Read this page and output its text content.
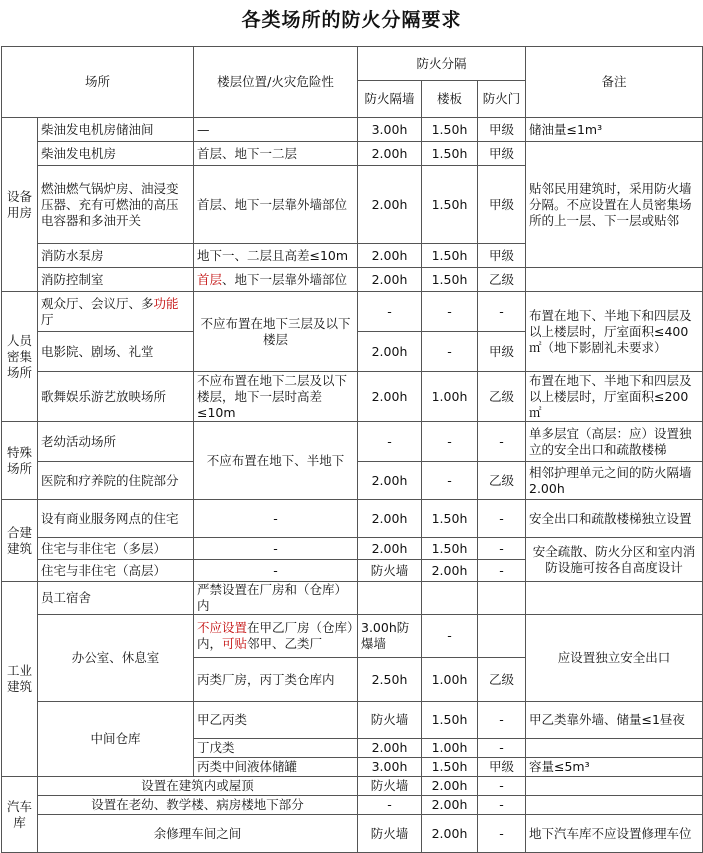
各类场所的防火分隔要求
场所		楼层位置/火灾危险性	防火分隔			备注
			防火隔墙	楼板	防火门	
设备用房	柴油发电机房储油间	—	3.00h	1.50h	甲级	储油量≤1m³
	柴油发电机房	首层、地下一二层	2.00h	1.50h	甲级	贴邻民用建筑时，采用防火墙分隔。不应设置在人员密集场所的上一层、下一层或贴邻
	燃油燃气锅炉房、油浸变压器、充有可燃油的高压电容器和多油开关	首层、地下一层靠外墙部位	2.00h	1.50h	甲级	
	消防水泵房	地下一、二层且高差≤10m	2.00h	1.50h	甲级	
	消防控制室	首层、地下一层靠外墙部位	2.00h	1.50h	乙级	
人员密集场所	观众厅、会议厅、多功能厅	不应布置在地下三层及以下楼层	-	-	-	布置在地下、半地下和四层及以上楼层时，厅室面积≤400㎡（地下影剧礼未要求）
	电影院、剧场、礼堂		2.00h	-	甲级	
	歌舞娱乐游艺放映场所	不应布置在地下二层及以下楼层，地下一层时高差≤10m	2.00h	1.00h	乙级	布置在地下、半地下和四层及以上楼层时，厅室面积≤200㎡
特殊场所	老幼活动场所	不应布置在地下、半地下	-	-	-	单多层宜（高层：应）设置独立的安全出口和疏散楼梯
	医院和疗养院的住院部分		2.00h	-	乙级	相邻护理单元之间的防火隔墙2.00h
合建建筑	设有商业服务网点的住宅	-	2.00h	1.50h	-	安全出口和疏散楼梯独立设置
	住宅与非住宅（多层）	-	2.00h	1.50h	-	安全疏散、防火分区和室内消防设施可按各自高度设计
	住宅与非住宅（高层）	-	防火墙	2.00h	-	
工业建筑	员工宿舍	严禁设置在厂房和（仓库）内				
	办公室、休息室	不应设置在甲乙厂房（仓库）内，可贴邻甲、乙类厂	3.00h防爆墙	-		应设置独立安全出口
		丙类厂房，丙丁类仓库内	2.50h	1.00h	乙级	
	中间仓库	甲乙丙类	防火墙	1.50h	-	甲乙类靠外墙、储量≤1昼夜
		丁戊类	2.00h	1.00h	-	
		丙类中间液体储罐	3.00h	1.50h	甲级	容量≤5m³
汽车库	设置在建筑内或屋顶		防火墙	2.00h	-	
	设置在老幼、教学楼、病房楼地下部分		-	2.00h	-	
	余修理车间之间		防火墙	2.00h	-	地下汽车库不应设置修理车位
